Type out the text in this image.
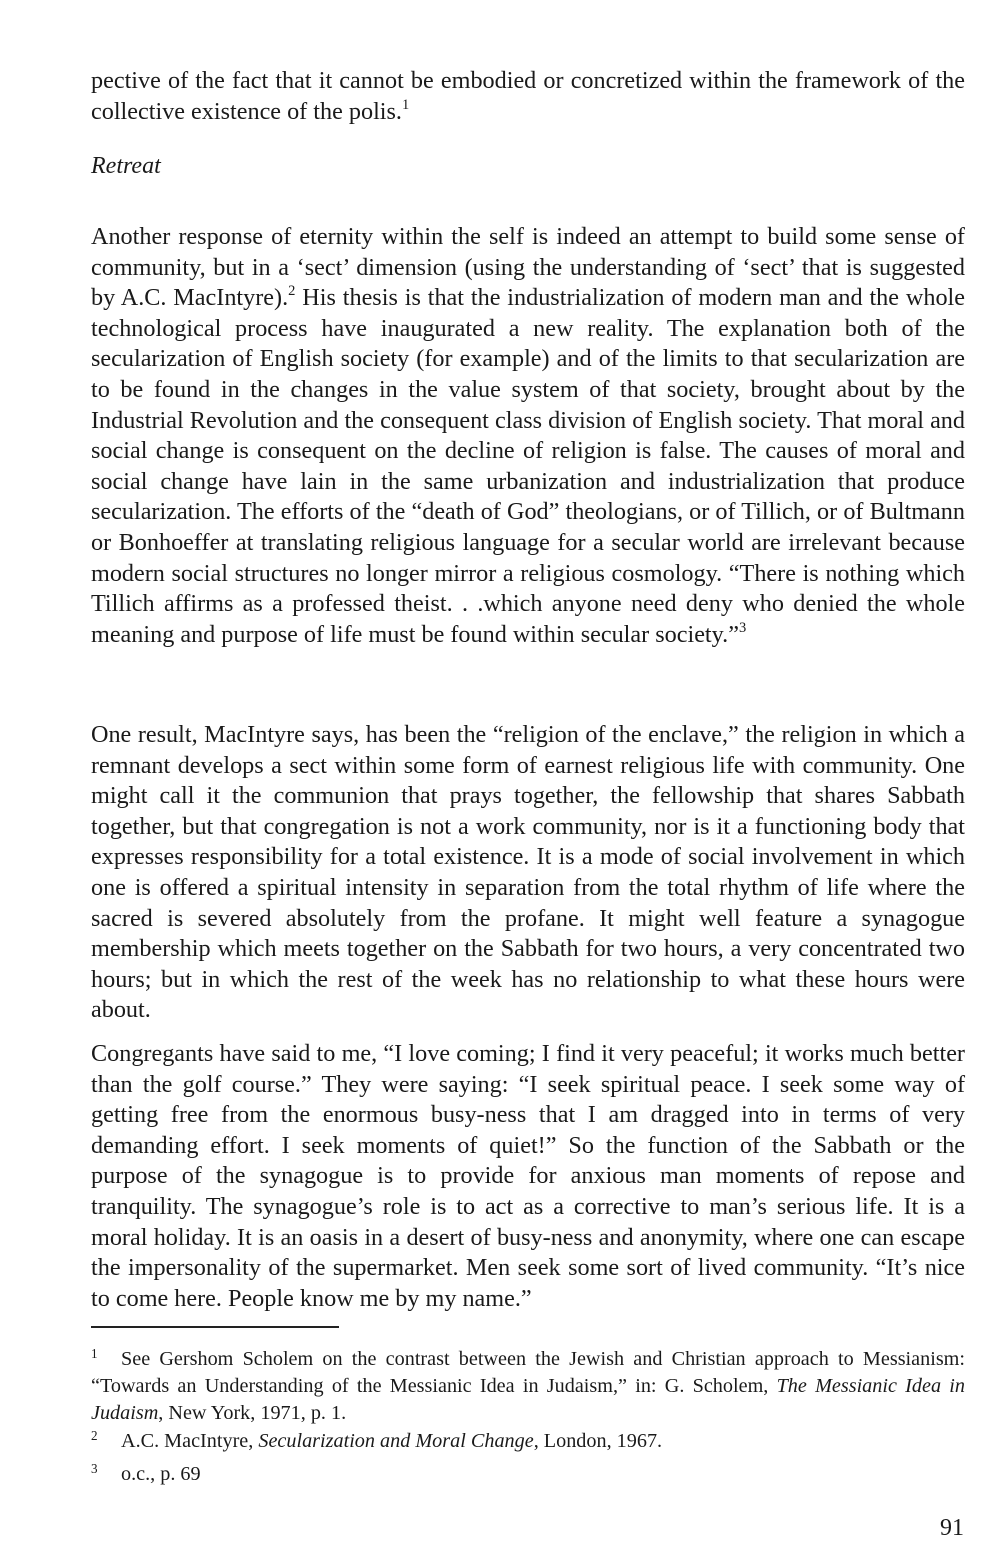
pective of the fact that it cannot be embodied or concretized within the framework of the collective existence of the polis.$^1$

Retreat

Another response of eternity within the self is indeed an attempt to build some sense of community, but in a ‘sect’ dimension (using the understanding of ‘sect’ that is suggested by A.C. MacIntyre).$^2$ His thesis is that the industrialization of modern man and the whole technological process have inaugurated a new reality. The explanation both of the secularization of English society (for example) and of the limits to that secularization are to be found in the changes in the value system of that society, brought about by the Industrial Revolution and the consequent class division of English society. That moral and social change is consequent on the decline of religion is false. The causes of moral and social change have lain in the same urbanization and industrialization that produce secularization. The efforts of the “death of God” theologians, or of Tillich, or of Bultmann or Bonhoeffer at translating religious language for a secular world are irrelevant because modern social structures no longer mirror a religious cosmology. “There is nothing which Tillich affirms as a professed theist. . .which anyone need deny who denied the whole meaning and purpose of life must be found within secular society.”$^3$

One result, MacIntyre says, has been the “religion of the enclave,” the religion in which a remnant develops a sect within some form of earnest religious life with community. One might call it the communion that prays together, the fellowship that shares Sabbath together, but that congregation is not a work community, nor is it a functioning body that expresses responsibility for a total existence. It is a mode of social involvement in which one is offered a spiritual intensity in separation from the total rhythm of life where the sacred is severed absolutely from the profane. It might well feature a synagogue membership which meets together on the Sabbath for two hours, a very concentrated two hours; but in which the rest of the week has no relationship to what these hours were about.

Congregants have said to me, “I love coming; I find it very peaceful; it works much better than the golf course.” They were saying: “I seek spiritual peace. I seek some way of getting free from the enormous busy-ness that I am dragged into in terms of very demanding effort. I seek moments of quiet!” So the function of the Sabbath or the purpose of the synagogue is to provide for anxious man moments of repose and tranquility. The synagogue’s role is to act as a corrective to man’s serious life. It is a moral holiday. It is an oasis in a desert of busy-ness and anonymity, where one can escape the impersonality of the supermarket. Men seek some sort of lived community. “It’s nice to come here. People know me by my name.”

1 See Gershom Scholem on the contrast between the Jewish and Christian approach to Messianism: “Towards an Understanding of the Messianic Idea in Judaism,” in: G. Scholem, The Messianic Idea in Judaism, New York, 1971, p. 1.

2 A.C. MacIntyre, Secularization and Moral Change, London, 1967.

3 o.c., p. 69

91
